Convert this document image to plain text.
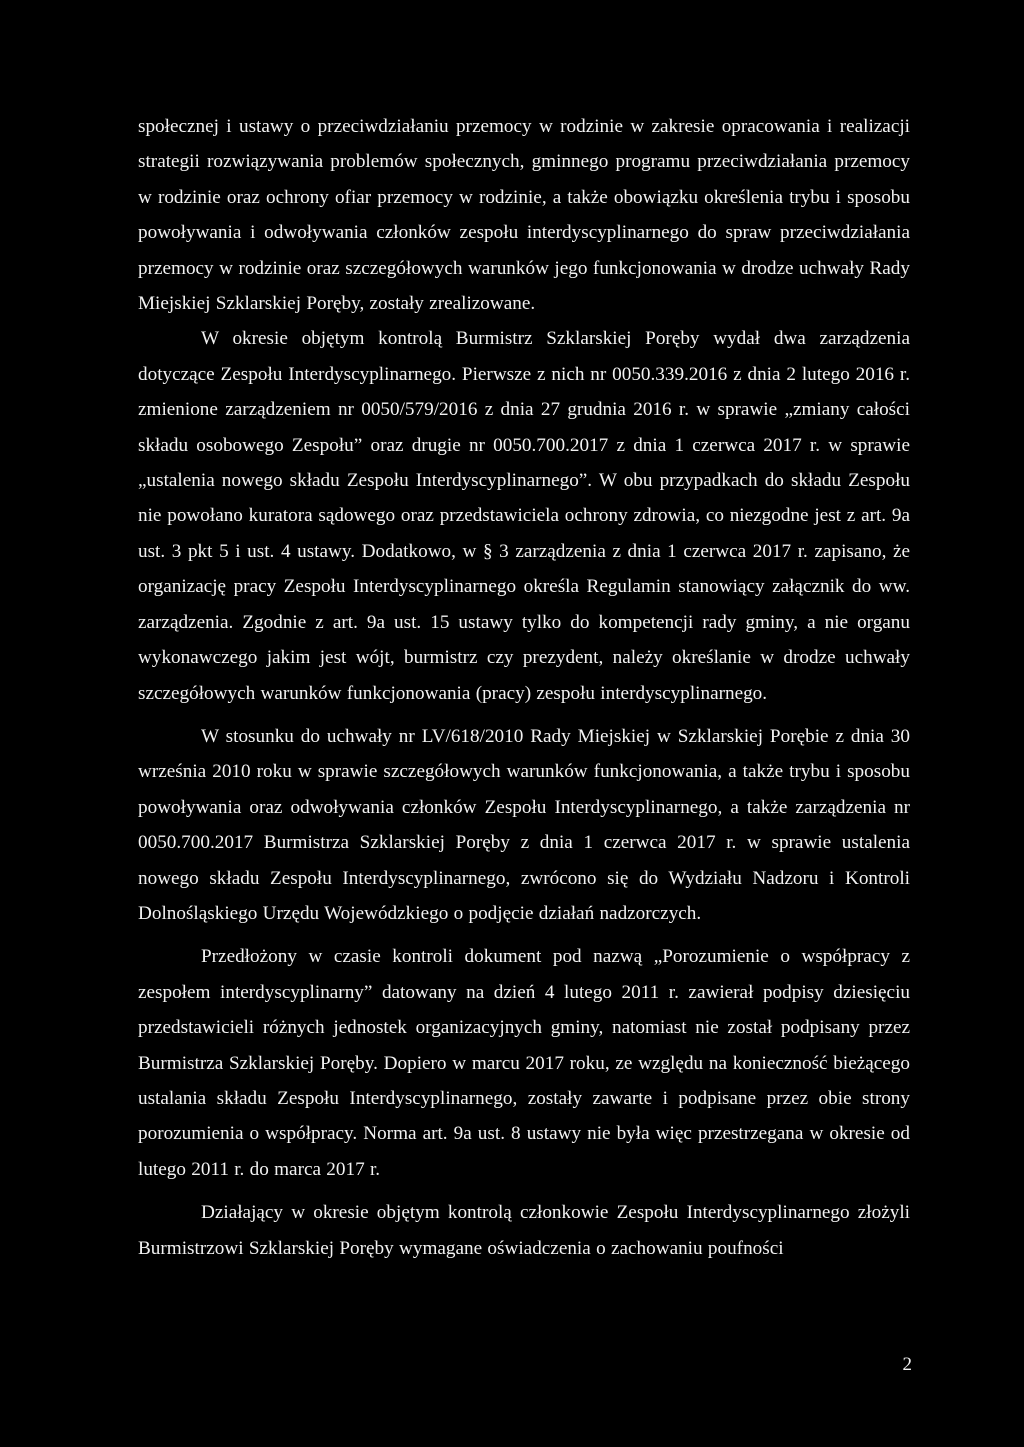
społecznej i ustawy o przeciwdziałaniu przemocy w rodzinie w zakresie opracowania i realizacji strategii rozwiązywania problemów społecznych, gminnego programu przeciwdziałania przemocy w rodzinie oraz ochrony ofiar przemocy w rodzinie, a także obowiązku określenia trybu i sposobu powoływania i odwoływania członków zespołu interdyscyplinarnego do spraw przeciwdziałania przemocy w rodzinie oraz szczegółowych warunków jego funkcjonowania w drodze uchwały Rady Miejskiej Szklarskiej Poręby, zostały zrealizowane.

W okresie objętym kontrolą Burmistrz Szklarskiej Poręby wydał dwa zarządzenia dotyczące Zespołu Interdyscyplinarnego. Pierwsze z nich nr 0050.339.2016 z dnia 2 lutego 2016 r. zmienione zarządzeniem nr 0050/579/2016 z dnia 27 grudnia 2016 r. w sprawie „zmiany całości składu osobowego Zespołu” oraz drugie nr 0050.700.2017 z dnia 1 czerwca 2017 r. w sprawie „ustalenia nowego składu Zespołu Interdyscyplinarnego”. W obu przypadkach do składu Zespołu nie powołano kuratora sądowego oraz przedstawiciela ochrony zdrowia, co niezgodne jest z art. 9a ust. 3 pkt 5 i ust. 4 ustawy. Dodatkowo, w § 3 zarządzenia z dnia 1 czerwca 2017 r. zapisano, że organizację pracy Zespołu Interdyscyplinarnego określa Regulamin stanowiący załącznik do ww. zarządzenia. Zgodnie z art. 9a ust. 15 ustawy tylko do kompetencji rady gminy, a nie organu wykonawczego jakim jest wójt, burmistrz czy prezydent, należy określanie w drodze uchwały szczegółowych warunków funkcjonowania (pracy) zespołu interdyscyplinarnego.

W stosunku do uchwały nr LV/618/2010 Rady Miejskiej w Szklarskiej Porębie z dnia 30 września 2010 roku w sprawie szczegółowych warunków funkcjonowania, a także trybu i sposobu powoływania oraz odwoływania członków Zespołu Interdyscyplinarnego, a także zarządzenia nr 0050.700.2017 Burmistrza Szklarskiej Poręby z dnia 1 czerwca 2017 r. w sprawie ustalenia nowego składu Zespołu Interdyscyplinarnego, zwrócono się do Wydziału Nadzoru i Kontroli Dolnośląskiego Urzędu Wojewódzkiego o podjęcie działań nadzorczych.

Przedłożony w czasie kontroli dokument pod nazwą „Porozumienie o współpracy z zespołem interdyscyplinarny” datowany na dzień 4 lutego 2011 r. zawierał podpisy dziesięciu przedstawicieli różnych jednostek organizacyjnych gminy, natomiast nie został podpisany przez Burmistrza Szklarskiej Poręby. Dopiero w marcu 2017 roku, ze względu na konieczność bieżącego ustalania składu Zespołu Interdyscyplinarnego, zostały zawarte i podpisane przez obie strony porozumienia o współpracy. Norma art. 9a ust. 8 ustawy nie była więc przestrzegana w okresie od lutego 2011 r. do marca 2017 r.

Działający w okresie objętym kontrolą członkowie Zespołu Interdyscyplinarnego złożyli Burmistrzowi Szklarskiej Poręby wymagane oświadczenia o zachowaniu poufności

2
